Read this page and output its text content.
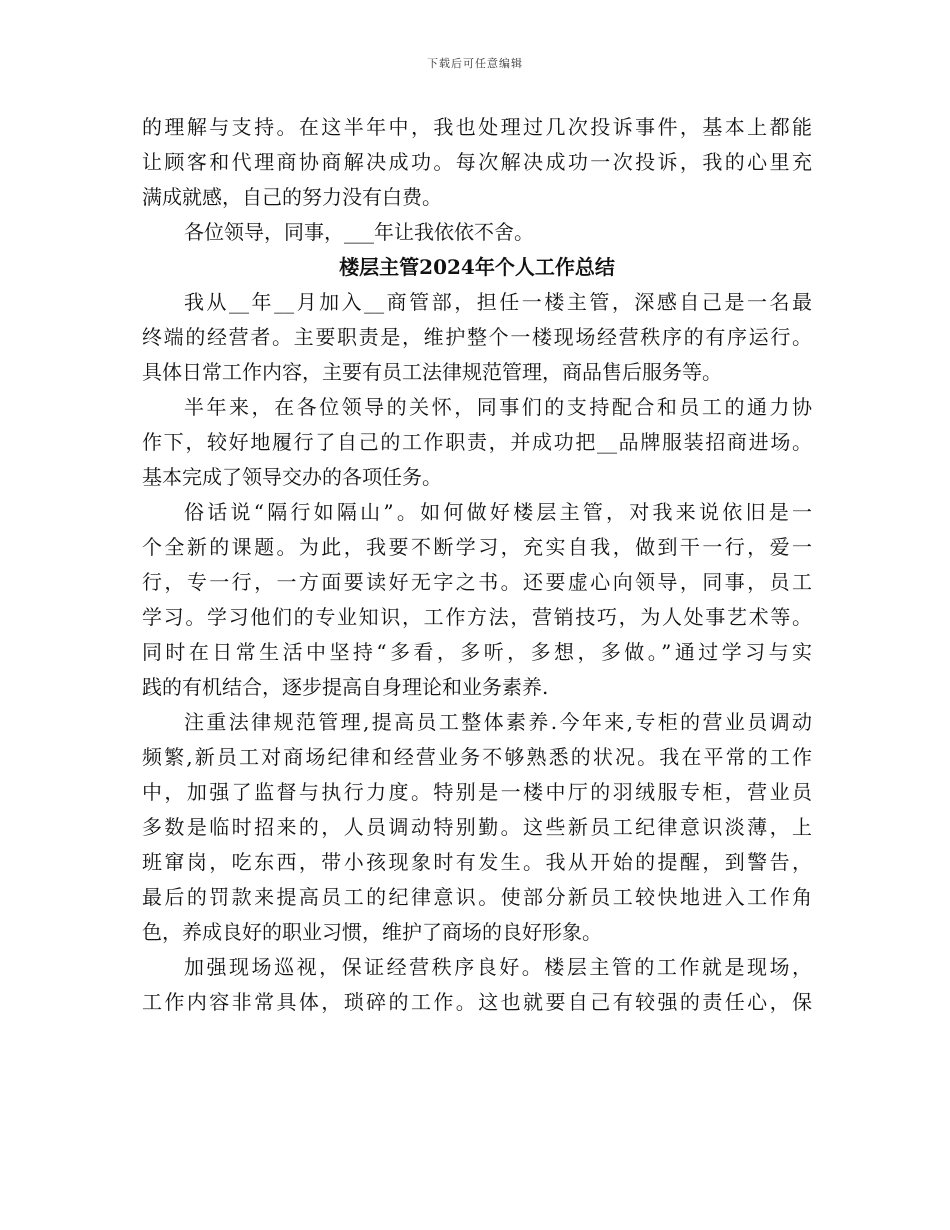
下载后可任意编辑
的理解与支持。在这半年中，我也处理过几次投诉事件，基本上都能
让顾客和代理商协商解决成功。每次解决成功一次投诉，我的心里充
满成就感，自己的努力没有白费。
各位领导，同事，___年让我依依不舍。
楼层主管2024年个人工作总结
我从__年__月加入__商管部，担任一楼主管，深感自己是一名最
终端的经营者。主要职责是，维护整个一楼现场经营秩序的有序运行。
具体日常工作内容，主要有员工法律规范管理，商品售后服务等。
半年来，在各位领导的关怀，同事们的支持配合和员工的通力协
作下，较好地履行了自己的工作职责，并成功把__品牌服装招商进场。
基本完成了领导交办的各项任务。
俗话说“隔行如隔山”。如何做好楼层主管，对我来说依旧是一
个全新的课题。为此，我要不断学习，充实自我，做到干一行，爱一
行，专一行，一方面要读好无字之书。还要虚心向领导，同事，员工
学习。学习他们的专业知识，工作方法，营销技巧，为人处事艺术等。
同时在日常生活中坚持“多看，多听，多想，多做。”通过学习与实
践的有机结合，逐步提高自身理论和业务素养.
注重法律规范管理,提高员工整体素养.今年来,专柜的营业员调动
频繁,新员工对商场纪律和经营业务不够熟悉的状况。我在平常的工作
中，加强了监督与执行力度。特别是一楼中厅的羽绒服专柜，营业员
多数是临时招来的，人员调动特别勤。这些新员工纪律意识淡薄，上
班窜岗，吃东西，带小孩现象时有发生。我从开始的提醒，到警告，
最后的罚款来提高员工的纪律意识。使部分新员工较快地进入工作角
色，养成良好的职业习惯，维护了商场的良好形象。
加强现场巡视，保证经营秩序良好。楼层主管的工作就是现场，
工作内容非常具体，琐碎的工作。这也就要自己有较强的责任心，保
